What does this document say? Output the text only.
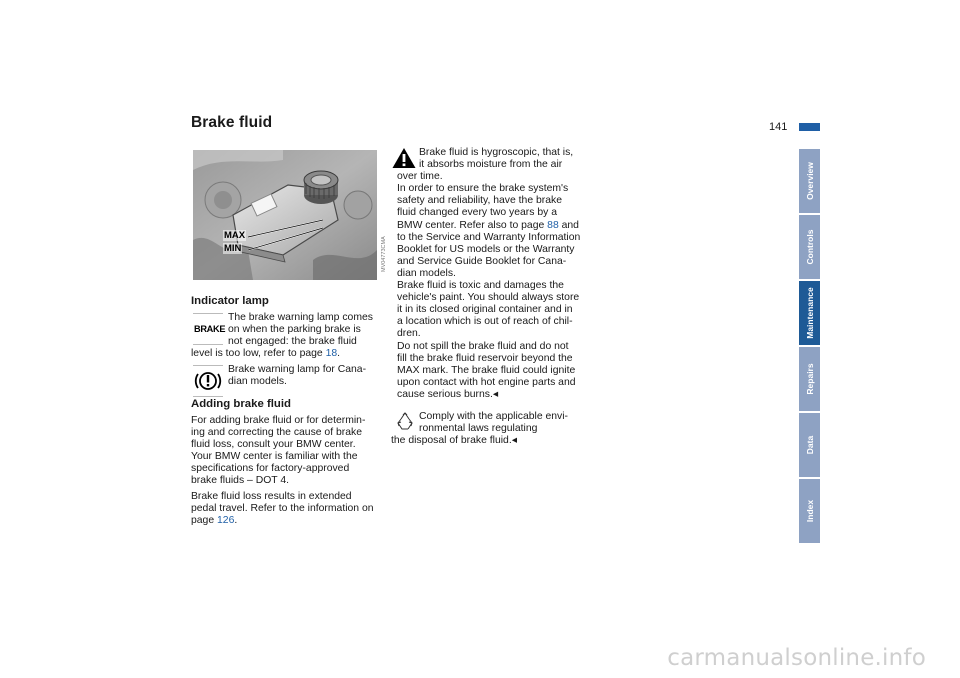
Brake fluid	141
MAX
MIN	MV04773CMA
Indicator lamp
BRAKE
The brake warning lamp comes
on when the parking brake is
not engaged: the brake fluid
level is too low, refer to page 18.
Brake warning lamp for Cana-
dian models.
Adding brake fluid
For adding brake fluid or for determin-
ing and correcting the cause of brake
fluid loss, consult your BMW center.
Your BMW center is familiar with the
specifications for factory-approved
brake fluids – DOT 4.
Brake fluid loss results in extended
pedal travel. Refer to the information on
page 126.
Brake fluid is hygroscopic, that is,
it absorbs moisture from the air
over time.
In order to ensure the brake system's
safety and reliability, have the brake
fluid changed every two years by a
BMW center. Refer also to page 88 and
to the Service and Warranty Information
Booklet for US models or the Warranty
and Service Guide Booklet for Cana-
dian models.
Brake fluid is toxic and damages the
vehicle's paint. You should always store
it in its closed original container and in
a location which is out of reach of chil-
dren.
Do not spill the brake fluid and do not
fill the brake fluid reservoir beyond the
MAX mark. The brake fluid could ignite
upon contact with hot engine parts and
cause serious burns.◂
Comply with the applicable envi-
ronmental laws regulating
the disposal of brake fluid.◂
Overview
Controls
Maintenance
Repairs
Data
Index
carmanualsonline.info
